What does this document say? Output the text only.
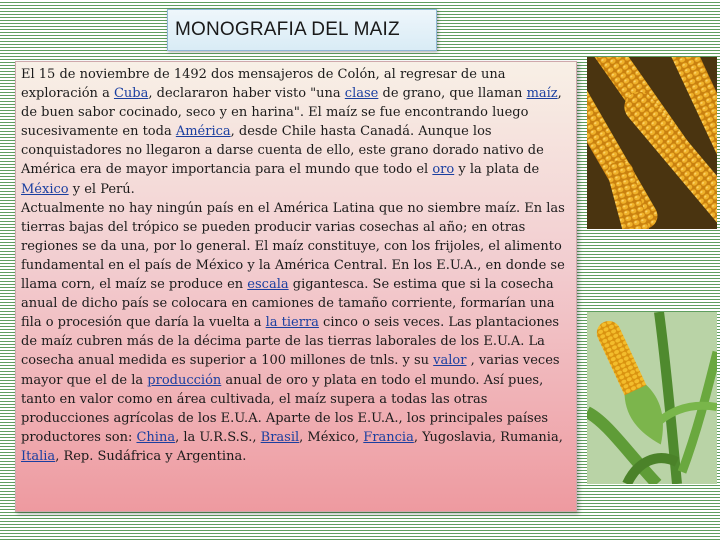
MONOGRAFIA DEL MAIZ

El 15 de noviembre de 1492 dos mensajeros de Colón, al regresar de una exploración a Cuba, declararon haber visto "una clase de grano, que llaman maíz, de buen sabor cocinado, seco y en harina". El maíz se fue encontrando luego sucesivamente en toda América, desde Chile hasta Canadá. Aunque los conquistadores no llegaron a darse cuenta de ello, este grano dorado nativo de América era de mayor importancia para el mundo que todo el oro y la plata de México y el Perú.

Actualmente no hay ningún país en el América Latina que no siembre maíz. En las tierras bajas del trópico se pueden producir varias cosechas al año; en otras regiones se da una, por lo general. El maíz constituye, con los frijoles, el alimento fundamental en el país de México y la América Central. En los E.U.A., en donde se llama corn, el maíz se produce en escala gigantesca. Se estima que si la cosecha anual de dicho país se colocara en camiones de tamaño corriente, formarían una fila o procesión que daría la vuelta a la tierra cinco o seis veces. Las plantaciones de maíz cubren más de la décima parte de las tierras laborales de los E.U.A. La cosecha anual medida es superior a 100 millones de tnls. y su valor , varias veces mayor que el de la producción anual de oro y plata en todo el mundo. Así pues, tanto en valor como en área cultivada, el maíz supera a todas las otras producciones agrícolas de los E.U.A. Aparte de los E.U.A., los principales países productores son: China, la U.R.S.S., Brasil, México, Francia, Yugoslavia, Rumania, Italia, Rep. Sudáfrica y Argentina.
